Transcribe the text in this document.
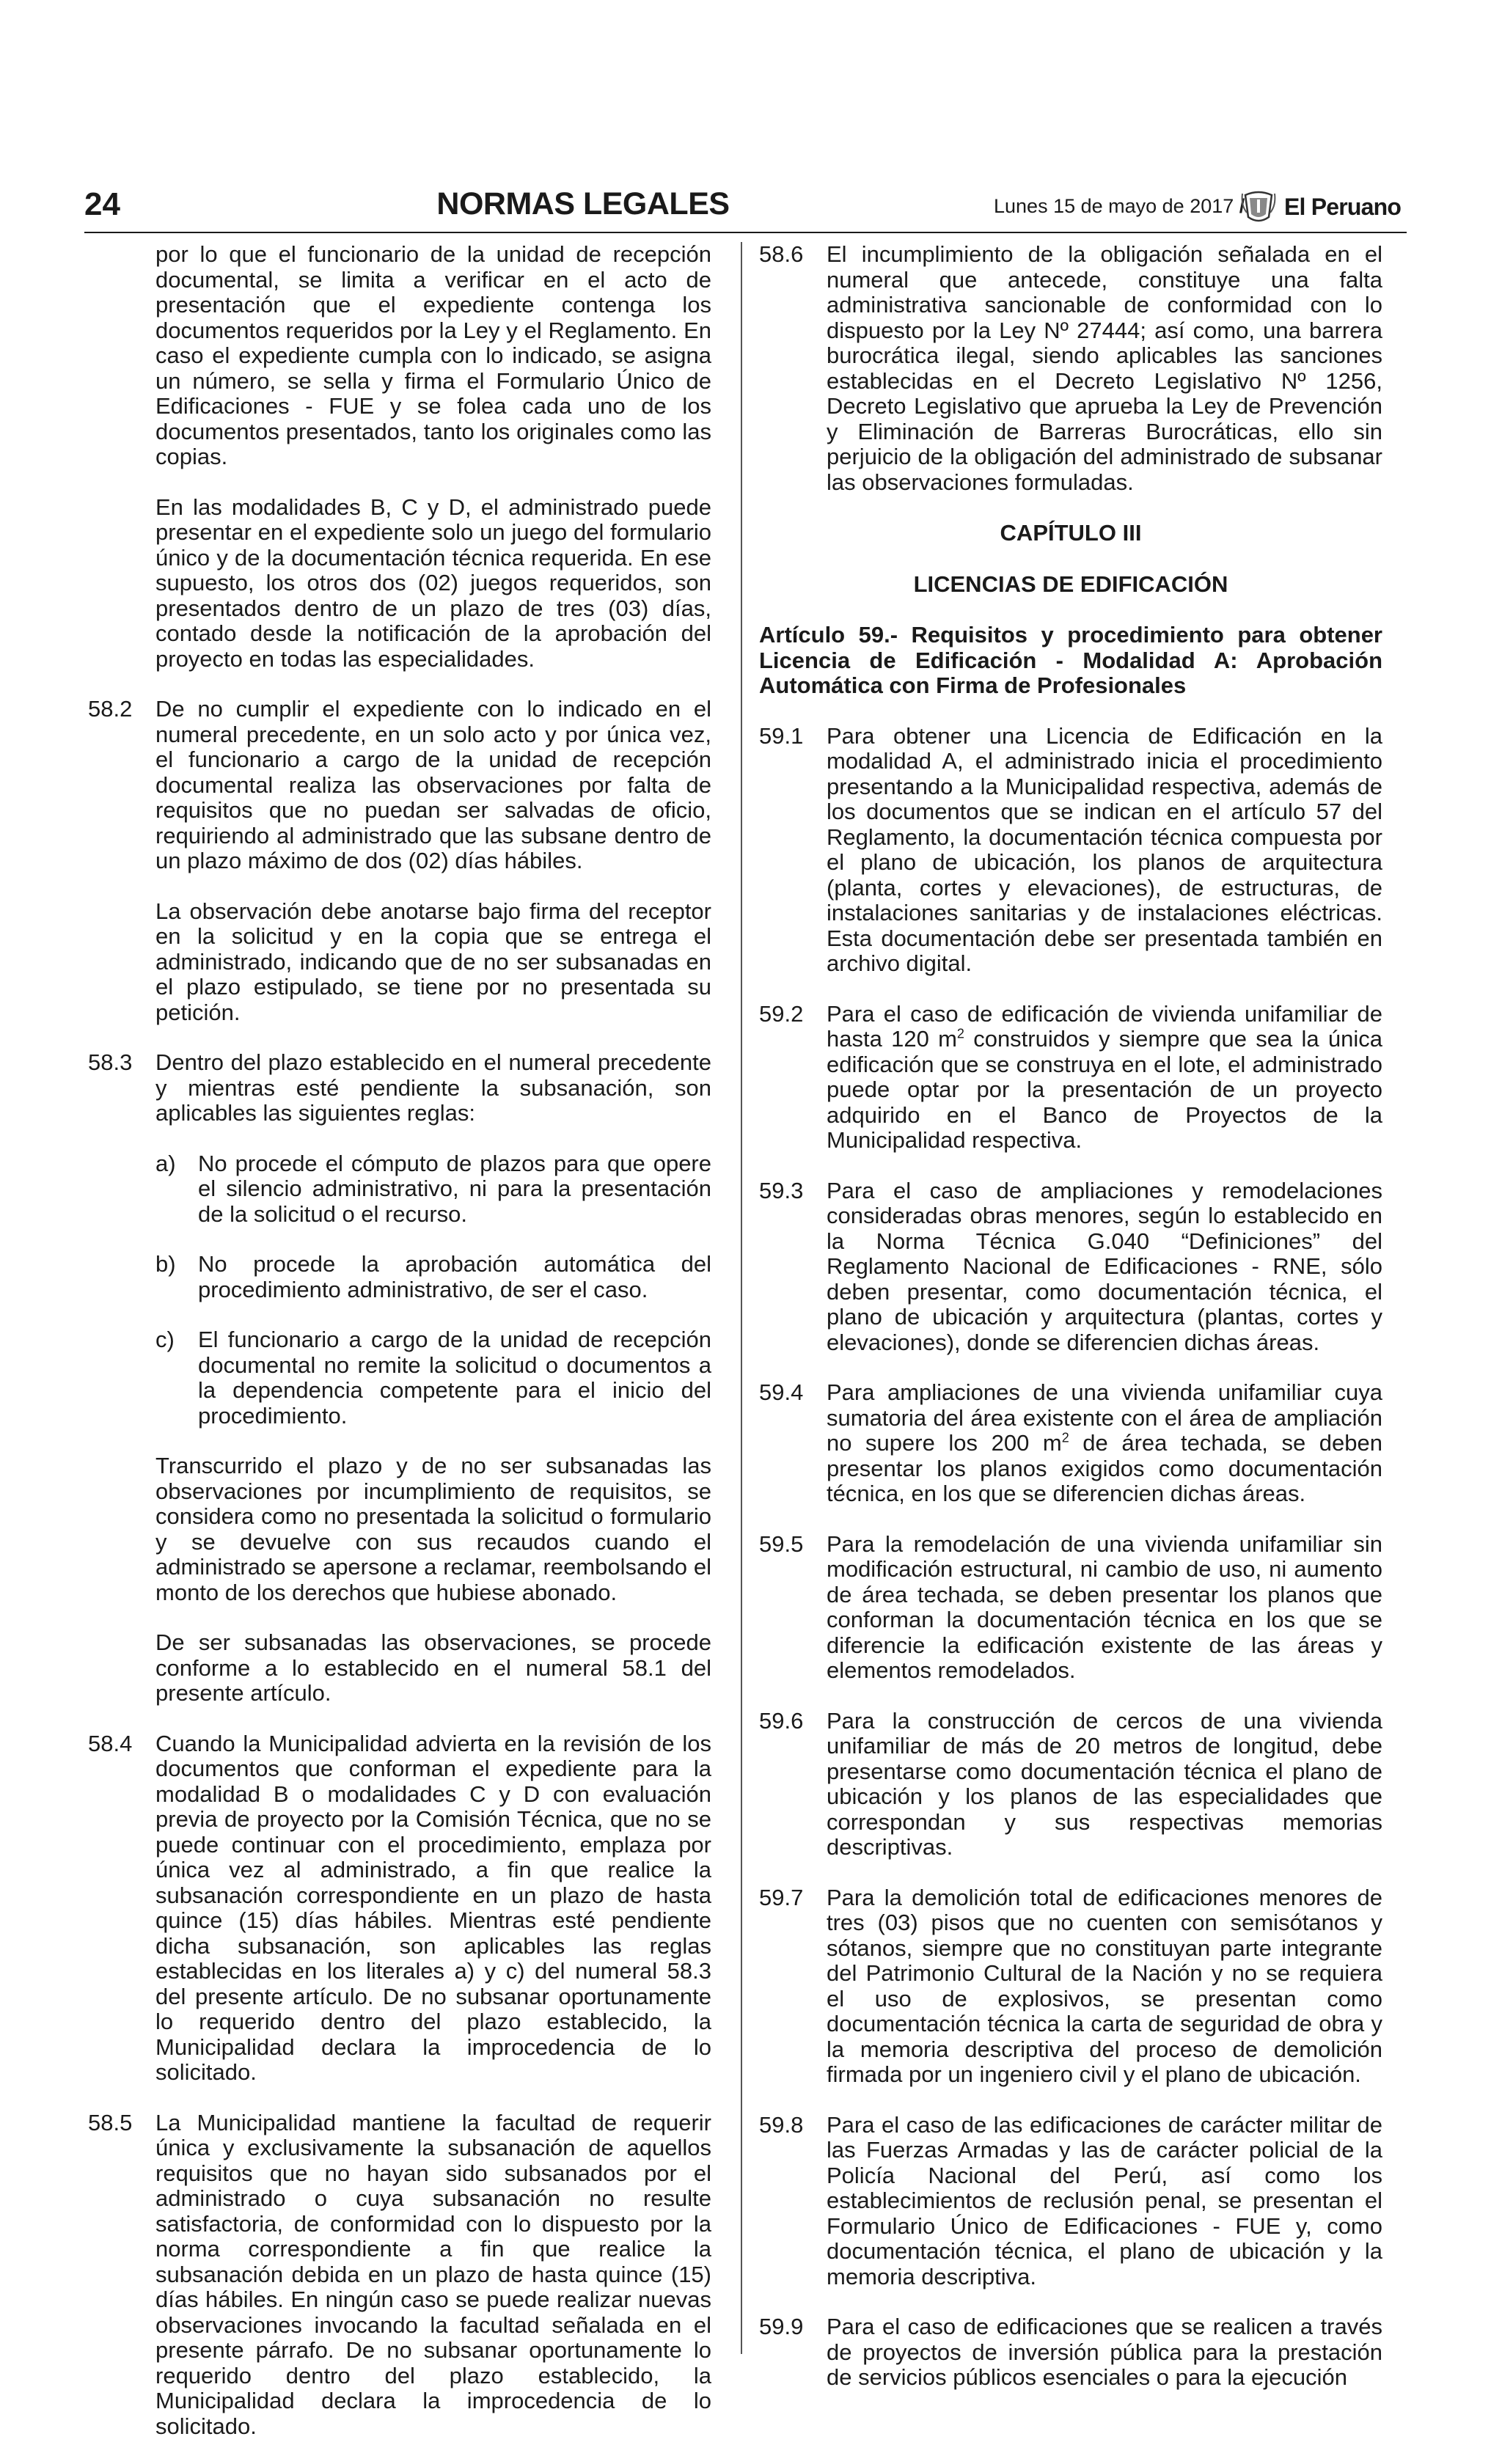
24	NORMAS LEGALES	Lunes 15 de mayo de 2017 / El Peruano

por lo que el funcionario de la unidad de recepción documental, se limita a verificar en el acto de presentación que el expediente contenga los documentos requeridos por la Ley y el Reglamento. En caso el expediente cumpla con lo indicado, se asigna un número, se sella y firma el Formulario Único de Edificaciones - FUE y se folea cada uno de los documentos presentados, tanto los originales como las copias.

En las modalidades B, C y D, el administrado puede presentar en el expediente solo un juego del formulario único y de la documentación técnica requerida. En ese supuesto, los otros dos (02) juegos requeridos, son presentados dentro de un plazo de tres (03) días, contado desde la notificación de la aprobación del proyecto en todas las especialidades.

58.2 De no cumplir el expediente con lo indicado en el numeral precedente, en un solo acto y por única vez, el funcionario a cargo de la unidad de recepción documental realiza las observaciones por falta de requisitos que no puedan ser salvadas de oficio, requiriendo al administrado que las subsane dentro de un plazo máximo de dos (02) días hábiles.

La observación debe anotarse bajo firma del receptor en la solicitud y en la copia que se entrega el administrado, indicando que de no ser subsanadas en el plazo estipulado, se tiene por no presentada su petición.

58.3 Dentro del plazo establecido en el numeral precedente y mientras esté pendiente la subsanación, son aplicables las siguientes reglas:
a) No procede el cómputo de plazos para que opere el silencio administrativo, ni para la presentación de la solicitud o el recurso.
b) No procede la aprobación automática del procedimiento administrativo, de ser el caso.
c) El funcionario a cargo de la unidad de recepción documental no remite la solicitud o documentos a la dependencia competente para el inicio del procedimiento.

Transcurrido el plazo y de no ser subsanadas las observaciones por incumplimiento de requisitos, se considera como no presentada la solicitud o formulario y se devuelve con sus recaudos cuando el administrado se apersone a reclamar, reembolsando el monto de los derechos que hubiese abonado.

De ser subsanadas las observaciones, se procede conforme a lo establecido en el numeral 58.1 del presente artículo.

58.4 Cuando la Municipalidad advierta en la revisión de los documentos que conforman el expediente para la modalidad B o modalidades C y D con evaluación previa de proyecto por la Comisión Técnica, que no se puede continuar con el procedimiento, emplaza por única vez al administrado, a fin que realice la subsanación correspondiente en un plazo de hasta quince (15) días hábiles. Mientras esté pendiente dicha subsanación, son aplicables las reglas establecidas en los literales a) y c) del numeral 58.3 del presente artículo. De no subsanar oportunamente lo requerido dentro del plazo establecido, la Municipalidad declara la improcedencia de lo solicitado.
58.5 La Municipalidad mantiene la facultad de requerir única y exclusivamente la subsanación de aquellos requisitos que no hayan sido subsanados por el administrado o cuya subsanación no resulte satisfactoria, de conformidad con lo dispuesto por la norma correspondiente a fin que realice la subsanación debida en un plazo de hasta quince (15) días hábiles. En ningún caso se puede realizar nuevas observaciones invocando la facultad señalada en el presente párrafo. De no subsanar oportunamente lo requerido dentro del plazo establecido, la Municipalidad declara la improcedencia de lo solicitado.
58.6 El incumplimiento de la obligación señalada en el numeral que antecede, constituye una falta administrativa sancionable de conformidad con lo dispuesto por la Ley Nº 27444; así como, una barrera burocrática ilegal, siendo aplicables las sanciones establecidas en el Decreto Legislativo Nº 1256, Decreto Legislativo que aprueba la Ley de Prevención y Eliminación de Barreras Burocráticas, ello sin perjuicio de la obligación del administrado de subsanar las observaciones formuladas.
CAPÍTULO III
LICENCIAS DE EDIFICACIÓN

Artículo 59.- Requisitos y procedimiento para obtener Licencia de Edificación - Modalidad A: Aprobación Automática con Firma de Profesionales

59.1 Para obtener una Licencia de Edificación en la modalidad A, el administrado inicia el procedimiento presentando a la Municipalidad respectiva, además de los documentos que se indican en el artículo 57 del Reglamento, la documentación técnica compuesta por el plano de ubicación, los planos de arquitectura (planta, cortes y elevaciones), de estructuras, de instalaciones sanitarias y de instalaciones eléctricas. Esta documentación debe ser presentada también en archivo digital.
59.2 Para el caso de edificación de vivienda unifamiliar de hasta 120 $m^2$ construidos y siempre que sea la única edificación que se construya en el lote, el administrado puede optar por la presentación de un proyecto adquirido en el Banco de Proyectos de la Municipalidad respectiva.
59.3 Para el caso de ampliaciones y remodelaciones consideradas obras menores, según lo establecido en la Norma Técnica G.040 “Definiciones” del Reglamento Nacional de Edificaciones - RNE, sólo deben presentar, como documentación técnica, el plano de ubicación y arquitectura (plantas, cortes y elevaciones), donde se diferencien dichas áreas.
59.4 Para ampliaciones de una vivienda unifamiliar cuya sumatoria del área existente con el área de ampliación no supere los 200 $m^2$ de área techada, se deben presentar los planos exigidos como documentación técnica, en los que se diferencien dichas áreas.
59.5 Para la remodelación de una vivienda unifamiliar sin modificación estructural, ni cambio de uso, ni aumento de área techada, se deben presentar los planos que conforman la documentación técnica en los que se diferencie la edificación existente de las áreas y elementos remodelados.
59.6 Para la construcción de cercos de una vivienda unifamiliar de más de 20 metros de longitud, debe presentarse como documentación técnica el plano de ubicación y los planos de las especialidades que correspondan y sus respectivas memorias descriptivas.
59.7 Para la demolición total de edificaciones menores de tres (03) pisos que no cuenten con semisótanos y sótanos, siempre que no constituyan parte integrante del Patrimonio Cultural de la Nación y no se requiera el uso de explosivos, se presentan como documentación técnica la carta de seguridad de obra y la memoria descriptiva del proceso de demolición firmada por un ingeniero civil y el plano de ubicación.
59.8 Para el caso de las edificaciones de carácter militar de las Fuerzas Armadas y las de carácter policial de la Policía Nacional del Perú, así como los establecimientos de reclusión penal, se presentan el Formulario Único de Edificaciones - FUE y, como documentación técnica, el plano de ubicación y la memoria descriptiva.
59.9 Para el caso de edificaciones que se realicen a través de proyectos de inversión pública para la prestación de servicios públicos esenciales o para la ejecución
